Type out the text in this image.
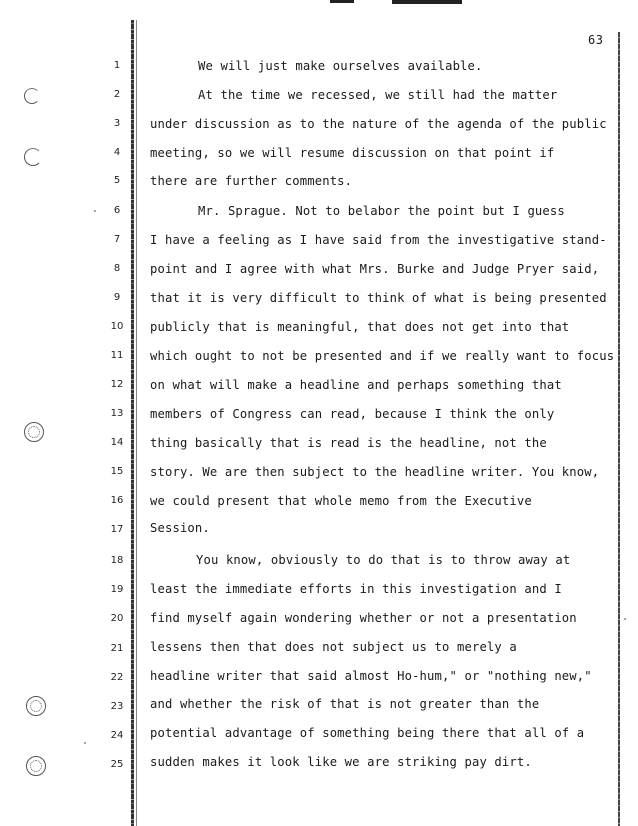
63
1
2
3
4
5
6
7
8
9
10
11
12
13
14
15
16
17
18
19
20
21
22
23
24
25
We will just make ourselves available.
At the time we recessed, we still had the matter
under discussion as to the nature of the agenda of the public
meeting, so we will resume discussion on that point if
there are further comments.
Mr. Sprague. Not to belabor the point but I guess
I have a feeling as I have said from the investigative stand-
point and I agree with what Mrs. Burke and Judge Pryer said,
that it is very difficult to think of what is being presented
publicly that is meaningful, that does not get into that
which ought to not be presented and if we really want to focus
on what will make a headline and perhaps something that
members of Congress can read, because I think the only
thing basically that is read is the headline, not the
story. We are then subject to the headline writer. You know,
we could present that whole memo from the Executive
Session.
You know, obviously to do that is to throw away at
least the immediate efforts in this investigation and I
find myself again wondering whether or not a presentation
lessens then that does not subject us to merely a
headline writer that said almost Ho-hum," or "nothing new,"
and whether the risk of that is not greater than the
potential advantage of something being there that all of a
sudden makes it look like we are striking pay dirt.
